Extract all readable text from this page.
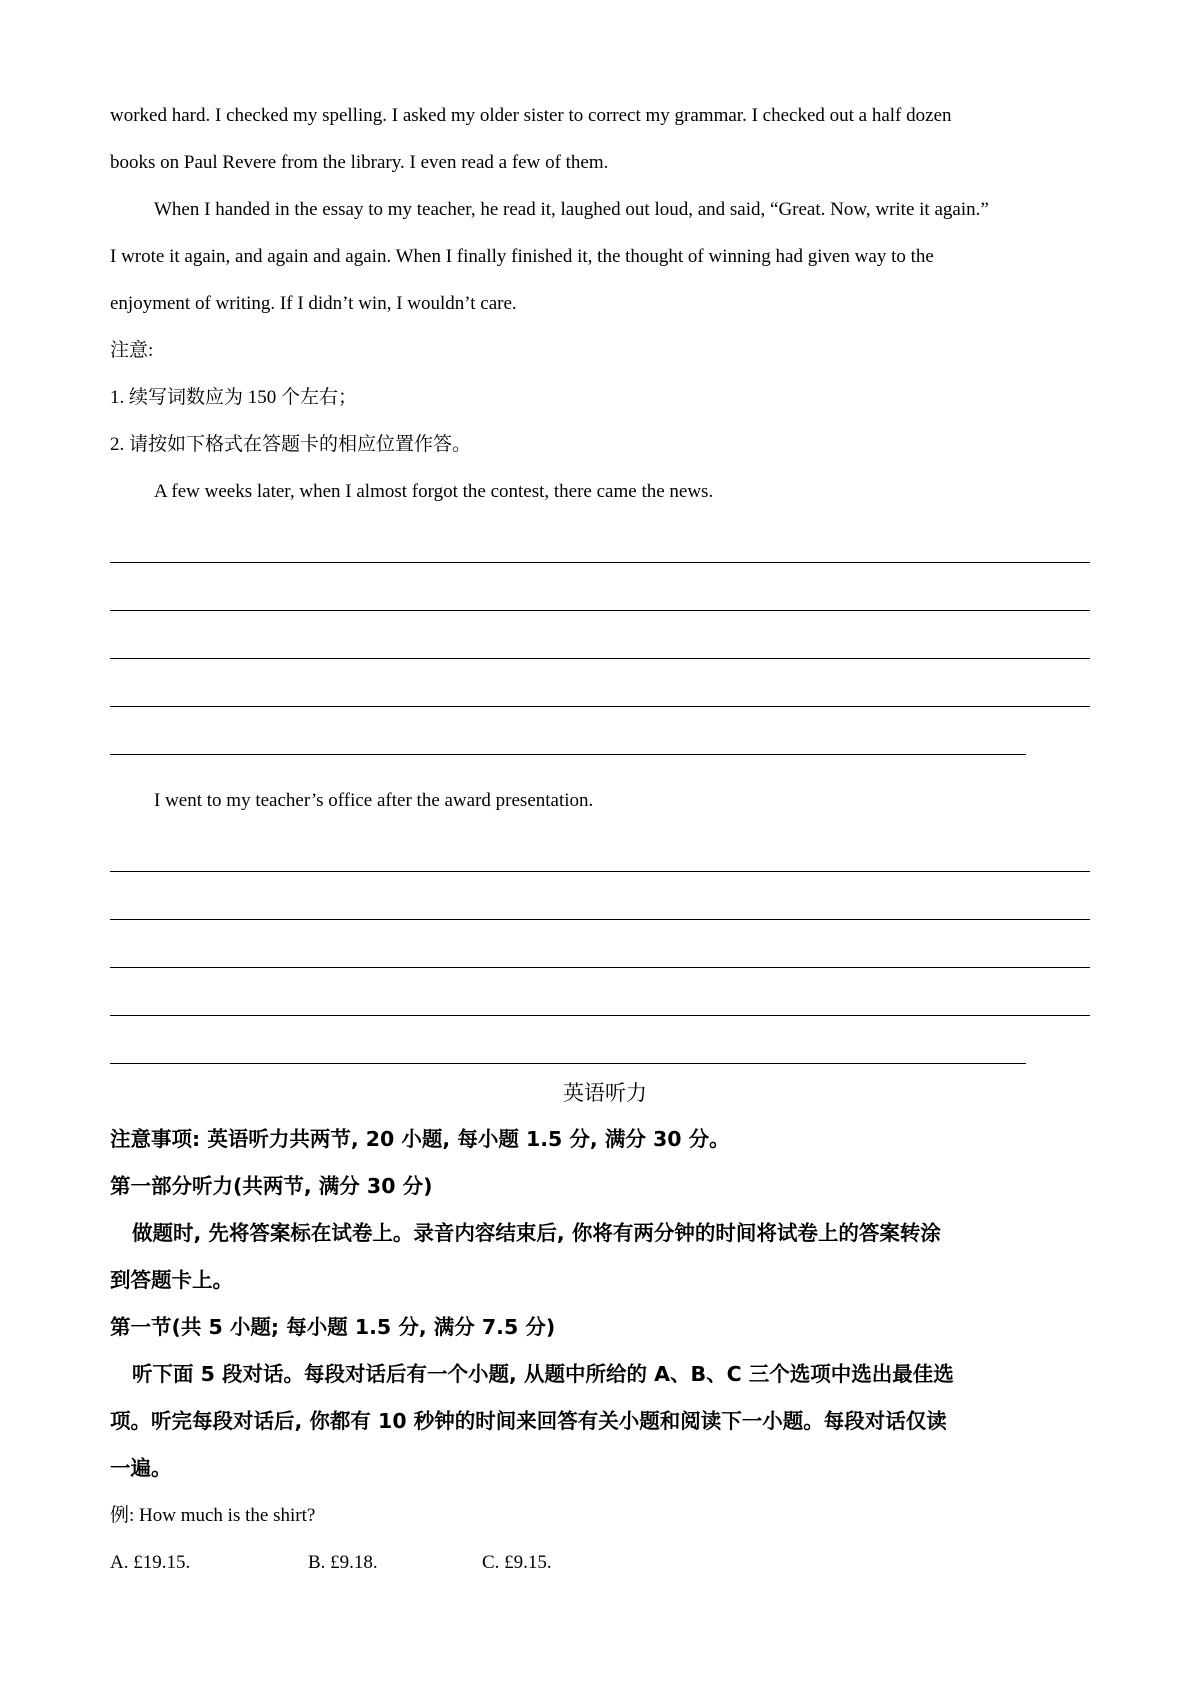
worked hard. I checked my spelling. I asked my older sister to correct my grammar. I checked out a half dozen

books on Paul Revere from the library. I even read a few of them.

When I handed in the essay to my teacher, he read it, laughed out loud, and said, “Great. Now, write it again.”

I wrote it again, and again and again. When I finally finished it, the thought of winning had given way to the

enjoyment of writing. If I didn’t win, I wouldn’t care.

注意:

1. 续写词数应为 150 个左右；

2. 请按如下格式在答题卡的相应位置作答。

A few weeks later, when I almost forgot the contest, there came the news.

I went to my teacher’s office after the award presentation.

英语听力

注意事项: 英语听力共两节, 20 小题, 每小题 1.5 分, 满分 30 分。

第一部分听力(共两节, 满分 30 分)

做题时, 先将答案标在试卷上。录音内容结束后, 你将有两分钟的时间将试卷上的答案转涂

到答题卡上。

第一节(共 5 小题; 每小题 1.5 分, 满分 7.5 分)

听下面 5 段对话。每段对话后有一个小题, 从题中所给的 A、B、C 三个选项中选出最佳选

项。听完每段对话后, 你都有 10 秒钟的时间来回答有关小题和阅读下一小题。每段对话仅读

一遍。

例: How much is the shirt?

A. £19.15.	B. £9.18.	C. £9.15.
